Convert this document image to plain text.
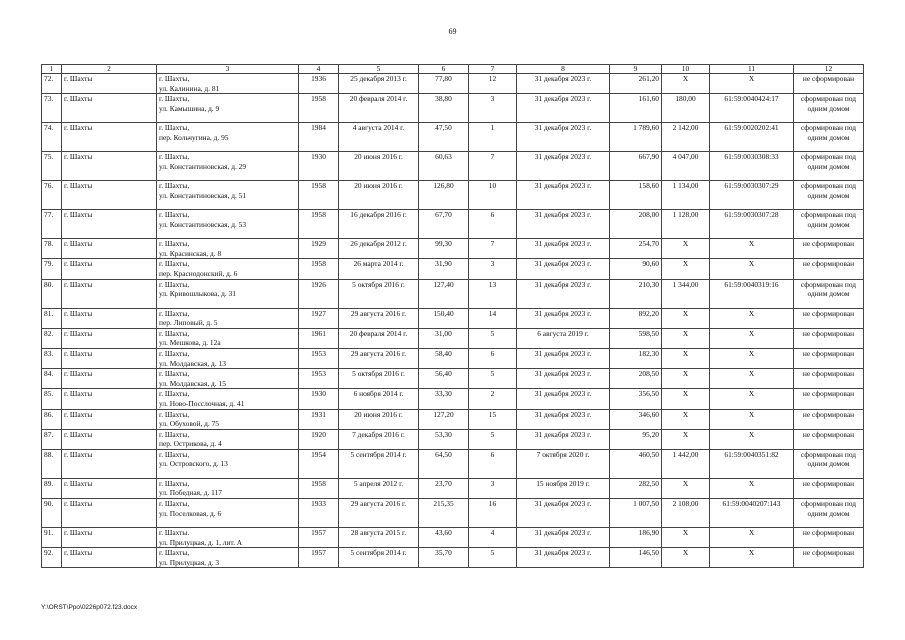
69
1	2	3	4	5	6	7	8	9	10	11	12
72.	г. Шахты	г. Шахты,
ул. Калинина, д. 81	1936	25 декабря 2013 г.	77,80	12	31 декабря 2023 г.	261,20	Х	Х	не сформирован
73.	г. Шахты	г. Шахты,
ул. Камышина, д. 9	1958	20 февраля 2014 г.	38,80	3	31 декабря 2023 г.	161,60	180,00	61:59:0040424:17	сформирован под одним домом
74.	г. Шахты	г. Шахты,
пер. Кольчугина, д. 95	1984	4 августа 2014 г.	47,50	1	31 декабря 2023 г.	1 789,60	2 142,00	61:59:0020202:41	сформирован под одним домом
75.	г. Шахты	г. Шахты,
ул. Константиновская, д. 29	1930	20 июня 2016 г.	60,63	7	31 декабря 2023 г.	667,90	4 047,00	61:59:0030308:33	сформирован под одним домом
76.	г. Шахты	г. Шахты,
ул. Константиновская, д. 51	1958	20 июня 2016 г.	126,80	10	31 декабря 2023 г.	158,60	1 134,00	61:59:0030307:29	сформирован под одним домом
77.	г. Шахты	г. Шахты,
ул. Константиновская, д. 53	1958	16 декабря 2016 г.	67,70	6	31 декабря 2023 г.	208,00	1 128,00	61:59:0030307:28	сформирован под одним домом
78.	г. Шахты	г. Шахты,
ул. Красинская, д. 8	1929	26 декабря 2012 г.	99,30	7	31 декабря 2023 г.	254,70	Х	Х	не сформирован
79.	г. Шахты	г. Шахты,
пер. Краснодонский, д. 6	1958	26 марта 2014 г.	31,90	3	31 декабря 2023 г.	90,60	Х	Х	не сформирован
80.	г. Шахты	г. Шахты,
ул. Кривошлыкова, д. 31	1926	5 октября 2016 г.	127,40	13	31 декабря 2023 г.	210,30	1 344,00	61:59:0040319:16	сформирован под одним домом
81.	г. Шахты	г. Шахты,
пер. Липовый, д. 5	1927	29 августа 2016 г.	150,40	14	31 декабря 2023 г.	892,20	Х	Х	не сформирован
82.	г. Шахты	г. Шахты,
ул. Мешкова, д. 12а	1961	20 февраля 2014 г.	31,00	5	6 августа 2019 г.	598,50	Х	Х	не сформирован
83.	г. Шахты	г. Шахты,
ул. Молдавская, д. 13	1953	29 августа 2016 г.	58,40	6	31 декабря 2023 г.	182,30	Х	Х	не сформирован
84.	г. Шахты	г. Шахты,
ул. Молдавская, д. 15	1953	5 октября 2016 г.	56,40	5	31 декабря 2023 г.	208,50	Х	Х	не сформирован
85.	г. Шахты	г. Шахты,
ул. Ново-Посслочная, д. 41	1930	6 ноября 2014 г.	33,30	2	31 декабря 2023 г.	356,50	Х	Х	не сформирован
86.	г. Шахты	г. Шахты,
ул. Обуховой, д. 75	1931	20 июня 2016 г.	127,20	15	31 декабря 2023 г.	346,60	Х	Х	не сформирован
87.	г. Шахты	г. Шахты,
пер. Острикова, д. 4	1920	7 декабря 2016 г.	53,30	5	31 декабря 2023 г.	95,20	Х	Х	не сформирован
88.	г. Шахты	г. Шахты,
ул. Островского, д. 13	1954	5 сентября 2014 г.	64,50	6	7 октября 2020 г.	460,50	1 442,00	61:59:0040351:82	сформирован под одним домом
89.	г. Шахты	г. Шахты,
ул. Победная, д. 117	1958	5 апреля 2012 г.	23,70	3	15 ноября 2019 г.	282,50	Х	Х	не сформирован
90.	г. Шахты	г. Шахты,
ул. Поселковая, д. 6	1933	29 августа 2016 г.	215,35	16	31 декабря 2023 г.	1 007,50	2 108,00	61:59:0040207:143	сформирован под одним домом
91.	г. Шахты	г. Шахты.
ул. Прилуцкая, д. 1, лит. А	1957	28 августа 2015 г.	43,60	4	31 декабря 2023 г.	186,90	Х	Х	не сформирован
92.	г. Шахты	г. Шахты,
ул. Прилуцкая, д. 3	1957	5 сентября 2014 г.	35,70	5	31 декабря 2023 г.	146,50	Х	Х	не сформирован
Y:\ORST\Ppo\0226p072.f23.docx
